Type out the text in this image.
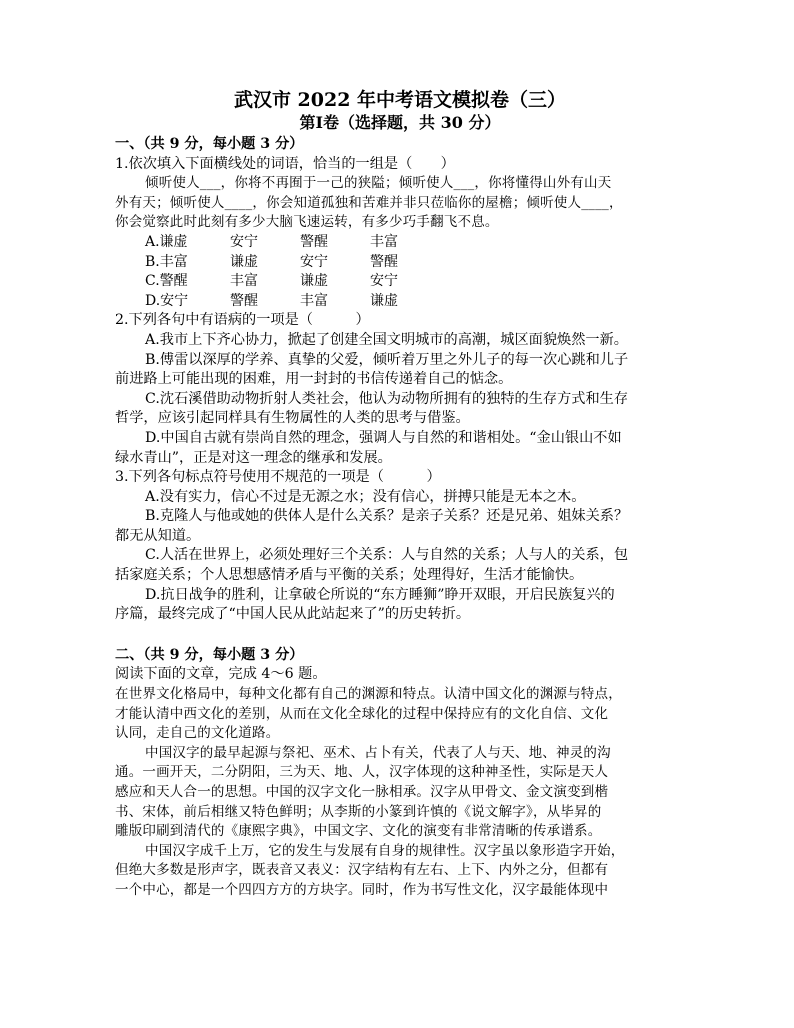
武汉市 2022 年中考语文模拟卷（三）
第Ⅰ卷（选择题，共 30 分）
一、（共 9 分，每小题 3 分）
1.依次填入下面横线处的词语，恰当的一组是（　　）
倾听使人___，你将不再囿于一己的狭隘；倾听使人___，你将懂得山外有山天
外有天；倾听使人____，你会知道孤独和苦难并非只莅临你的屋檐；倾听使人____，
你会觉察此时此刻有多少大脑飞速运转，有多少巧手翻飞不息。
A.谦虚	安宁	警醒	丰富
B.丰富	谦虚	安宁	警醒
C.警醒	丰富	谦虚	安宁
D.安宁	警醒	丰富	谦虚
2.下列各句中有语病的一项是（　　　）
A.我市上下齐心协力，掀起了创建全国文明城市的高潮，城区面貌焕然一新。
B.傅雷以深厚的学养、真挚的父爱，倾听着万里之外儿子的每一次心跳和儿子
前进路上可能出现的困难，用一封封的书信传递着自己的惦念。
C.沈石溪借助动物折射人类社会，他认为动物所拥有的独特的生存方式和生存
哲学，应该引起同样具有生物属性的人类的思考与借鉴。
D.中国自古就有崇尚自然的理念，强调人与自然的和谐相处。“金山银山不如
绿水青山”，正是对这一理念的继承和发展。
3.下列各句标点符号使用不规范的一项是（　　　）
A.没有实力，信心不过是无源之水；没有信心，拼搏只能是无本之木。
B.克隆人与他或她的供体人是什么关系？是亲子关系？还是兄弟、姐妹关系？
都无从知道。
C.人活在世界上，必须处理好三个关系：人与自然的关系；人与人的关系，包
括家庭关系；个人思想感情矛盾与平衡的关系；处理得好，生活才能愉快。
D.抗日战争的胜利，让拿破仑所说的“东方睡狮”睁开双眼，开启民族复兴的
序篇，最终完成了“中国人民从此站起来了”的历史转折。
二、（共 9 分，每小题 3 分）
阅读下面的文章，完成 4～6 题。
在世界文化格局中，每种文化都有自己的渊源和特点。认清中国文化的渊源与特点，
才能认清中西文化的差别，从而在文化全球化的过程中保持应有的文化自信、文化
认同，走自己的文化道路。
中国汉字的最早起源与祭祀、巫术、占卜有关，代表了人与天、地、神灵的沟
通。一画开天，二分阴阳，三为天、地、人，汉字体现的这种神圣性，实际是天人
感应和天人合一的思想。中国的汉字文化一脉相承。汉字从甲骨文、金文演变到楷
书、宋体，前后相继又特色鲜明；从李斯的小篆到许慎的《说文解字》，从毕昇的
雕版印刷到清代的《康熙字典》，中国文字、文化的演变有非常清晰的传承谱系。
中国汉字成千上万，它的发生与发展有自身的规律性。汉字虽以象形造字开始，
但绝大多数是形声字，既表音又表义：汉字结构有左右、上下、内外之分，但都有
一个中心，都是一个四四方方的方块字。同时，作为书写性文化，汉字最能体现中
